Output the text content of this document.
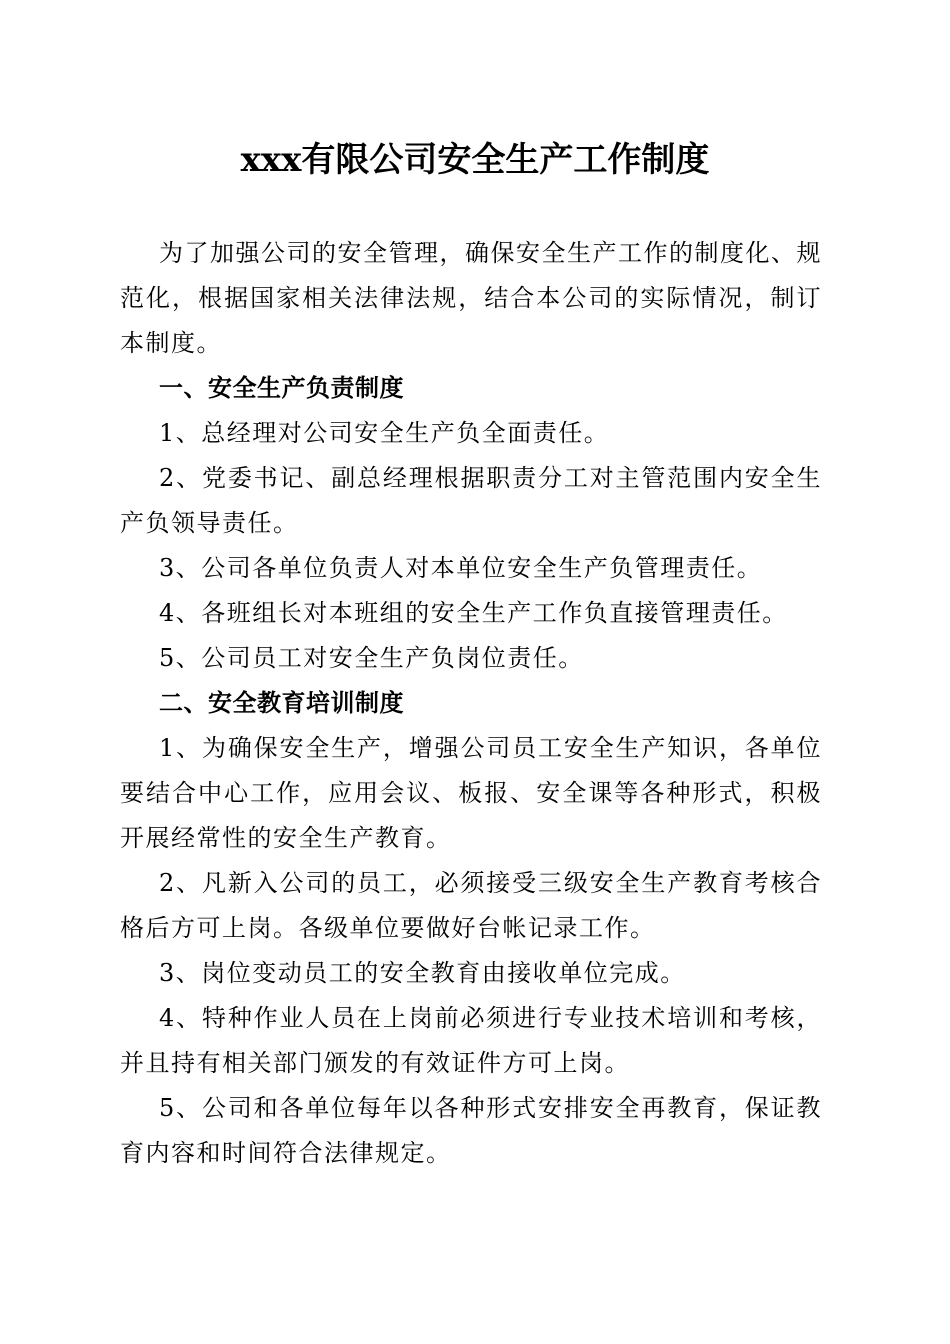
xxx有限公司安全生产工作制度

为了加强公司的安全管理，确保安全生产工作的制度化、规范化，根据国家相关法律法规，结合本公司的实际情况，制订本制度。

一、安全生产负责制度

1、总经理对公司安全生产负全面责任。

2、党委书记、副总经理根据职责分工对主管范围内安全生产负领导责任。

3、公司各单位负责人对本单位安全生产负管理责任。

4、各班组长对本班组的安全生产工作负直接管理责任。

5、公司员工对安全生产负岗位责任。

二、安全教育培训制度

1、为确保安全生产，增强公司员工安全生产知识，各单位要结合中心工作，应用会议、板报、安全课等各种形式，积极开展经常性的安全生产教育。

2、凡新入公司的员工，必须接受三级安全生产教育考核合格后方可上岗。各级单位要做好台帐记录工作。

3、岗位变动员工的安全教育由接收单位完成。

4、特种作业人员在上岗前必须进行专业技术培训和考核，并且持有相关部门颁发的有效证件方可上岗。

5、公司和各单位每年以各种形式安排安全再教育，保证教育内容和时间符合法律规定。
